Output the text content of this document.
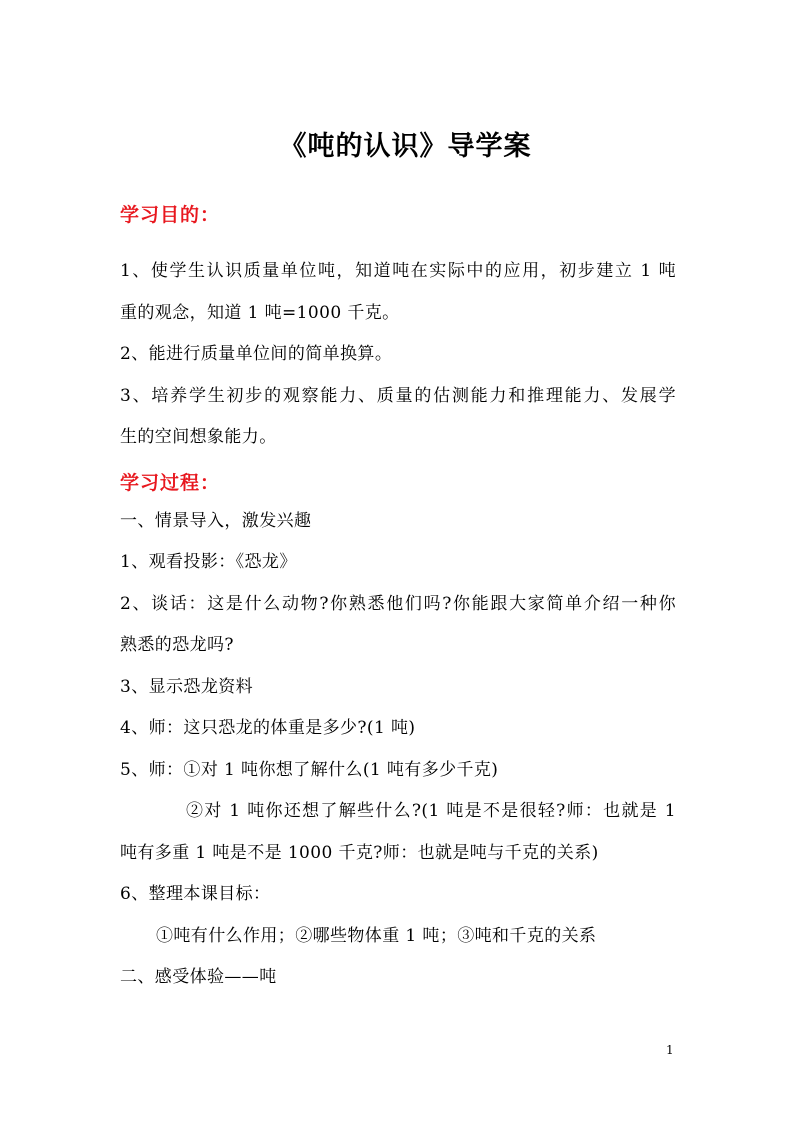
《吨的认识》导学案
学习目的：
1、使学生认识质量单位吨，知道吨在实际中的应用，初步建立 1 吨
重的观念，知道 1 吨=1000 千克。
2、能进行质量单位间的简单换算。
3、培养学生初步的观察能力、质量的估测能力和推理能力、发展学
生的空间想象能力。
学习过程：
一、情景导入，激发兴趣
1、观看投影：《恐龙》
2、谈话：这是什么动物?你熟悉他们吗?你能跟大家简单介绍一种你
熟悉的恐龙吗?
3、显示恐龙资料
4、师：这只恐龙的体重是多少?(1 吨)
5、师：①对 1 吨你想了解什么(1 吨有多少千克)
②对 1 吨你还想了解些什么?(1 吨是不是很轻?师：也就是 1
吨有多重 1 吨是不是 1000 千克?师：也就是吨与千克的关系)
6、整理本课目标：
①吨有什么作用；②哪些物体重 1 吨；③吨和千克的关系
二、感受体验——吨
1
